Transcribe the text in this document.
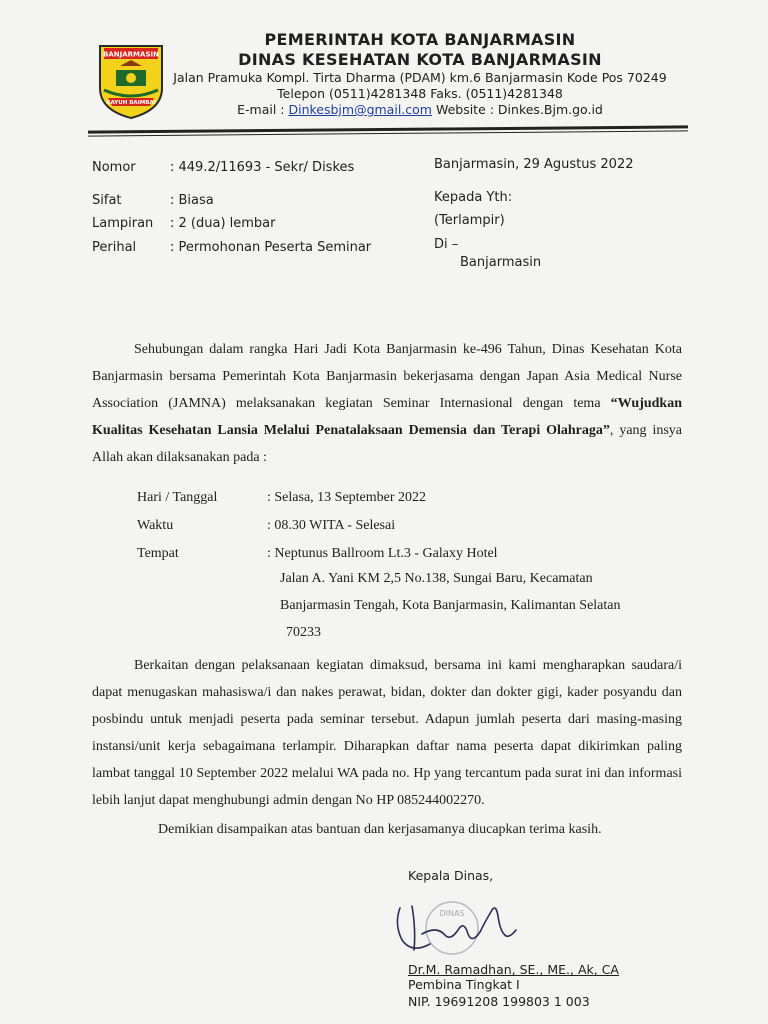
BANJARMASIN
KAYUH BAIMBAI
PEMERINTAH KOTA BANJARMASIN
DINAS KESEHATAN KOTA BANJARMASIN
Jalan Pramuka Kompl. Tirta Dharma (PDAM) km.6 Banjarmasin Kode Pos 70249
Telepon (0511)4281348 Faks. (0511)4281348
E-mail : Dinkesbjm@gmail.com Website : Dinkes.Bjm.go.id
Nomor	: 449.2/11693 - Sekr/ Diskes
Sifat	: Biasa
Lampiran : 2 (dua) lembar
Perihal	: Permohonan Peserta Seminar
Banjarmasin, 29 Agustus 2022
Kepada Yth:
(Terlampir)
Di –
Banjarmasin

Sehubungan dalam rangka Hari Jadi Kota Banjarmasin ke-496 Tahun, Dinas Kesehatan Kota Banjarmasin bersama Pemerintah Kota Banjarmasin bekerjasama dengan Japan Asia Medical Nurse Association (JAMNA) melaksanakan kegiatan Seminar Internasional dengan tema “Wujudkan Kualitas Kesehatan Lansia Melalui Penatalaksaan Demensia dan Terapi Olahraga”, yang insya Allah akan dilaksanakan pada :

Hari / Tanggal	: Selasa, 13 September 2022
Waktu	: 08.30 WITA - Selesai
Tempat	: Neptunus Ballroom Lt.3 - Galaxy Hotel
Jalan A. Yani KM 2,5 No.138, Sungai Baru, Kecamatan
Banjarmasin Tengah, Kota Banjarmasin, Kalimantan Selatan
70233

Berkaitan dengan pelaksanaan kegiatan dimaksud, bersama ini kami mengharapkan saudara/i dapat menugaskan mahasiswa/i dan nakes perawat, bidan, dokter dan dokter gigi, kader posyandu dan posbindu untuk menjadi peserta pada seminar tersebut. Adapun jumlah peserta dari masing-masing instansi/unit kerja sebagaimana terlampir. Diharapkan daftar nama peserta dapat dikirimkan paling lambat tanggal 10 September 2022 melalui WA pada no. Hp yang tercantum pada surat ini dan informasi lebih lanjut dapat menghubungi admin dengan No HP 085244002270.

Demikian disampaikan atas bantuan dan kerjasamanya diucapkan terima kasih.

Kepala Dinas,
DINAS
Dr.M. Ramadhan, SE., ME., Ak, CA
Pembina Tingkat I
NIP. 19691208 199803 1 003
